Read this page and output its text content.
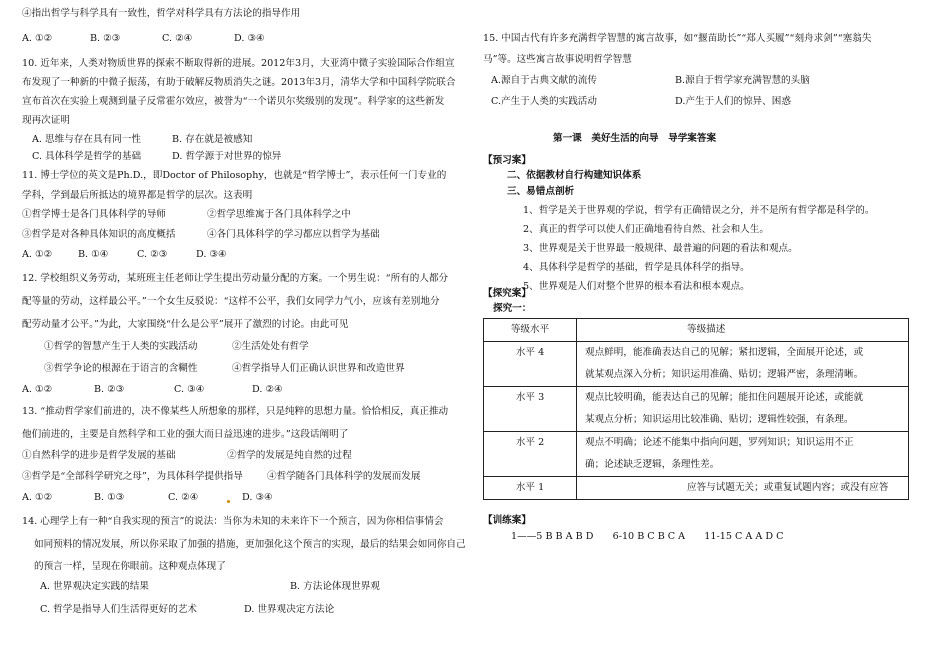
④指出哲学与科学具有一致性，哲学对科学具有方法论的指导作用
A. ①②	B. ②③	C. ②④	D. ③④
10. 近年来，人类对物质世界的探索不断取得新的进展。2012年3月，大亚湾中微子实验国际合作组宣
布发现了一种新的中微子振荡，有助于破解反物质消失之谜。2013年3月，清华大学和中国科学院联合
宣布首次在实验上观测到量子反常霍尔效应，被誉为“一个诺贝尔奖级别的发现”。科学家的这些新发
现再次证明
A. 思维与存在具有同一性	B. 存在就是被感知
C. 具体科学是哲学的基础	D. 哲学源于对世界的惊异
11. 博士学位的英文是Ph.D.，即Doctor of Philosophy，也就是“哲学博士”，表示任何一门专业的
学科，学到最后所抵达的境界都是哲学的层次。这表明
①哲学博士是各门具体科学的导师	②哲学思维寓于各门具体科学之中
③哲学是对各种具体知识的高度概括	④各门具体科学的学习都应以哲学为基础
A. ①②	B. ①④	C. ②③	D. ③④
12. 学校组织义务劳动，某班班主任老师让学生提出劳动量分配的方案。一个男生说：“所有的人都分
配等量的劳动，这样最公平。”一个女生反驳说：“这样不公平，我们女同学力气小，应该有差别地分
配劳动量才公平。”为此，大家围绕“什么是公平”展开了激烈的讨论。由此可见
①哲学的智慧产生于人类的实践活动	②生活处处有哲学
③哲学争论的根源在于语言的含糊性	④哲学指导人们正确认识世界和改造世界
A. ①②	B. ②③	C. ③④	D. ②④
13. “推动哲学家们前进的，决不像某些人所想象的那样，只是纯粹的思想力量。恰恰相反，真正推动
他们前进的，主要是自然科学和工业的强大而日益迅速的进步。”这段话阐明了
①自然科学的进步是哲学发展的基础	②哲学的发展是纯自然的过程
③哲学是“全部科学研究之母”，为具体科学提供指导	④哲学随各门具体科学的发展而发展
A. ①②	B. ①③	C. ②④	D. ③④
14. 心理学上有一种“自我实现的预言”的说法：当你为未知的未来许下一个预言，因为你相信事情会
如同预料的情况发展，所以你采取了加强的措施，更加强化这个预言的实现，最后的结果会如同你自己
的预言一样，呈现在你眼前。这种观点体现了
A. 世界观决定实践的结果	B. 方法论体现世界观
C. 哲学是指导人们生活得更好的艺术	D. 世界观决定方法论
15. 中国古代有许多充满哲学智慧的寓言故事，如“揠苗助长”“郑人买履”“刻舟求剑”“塞翁失
马”等。这些寓言故事说明哲学智慧
A.源自于古典文献的流传	B.源自于哲学家充满智慧的头脑
C.产生于人类的实践活动	D.产生于人们的惊异、困惑
第一课　美好生活的向导　导学案答案
【预习案】
二、依据教材自行构建知识体系
三、易错点剖析
1、哲学是关于世界观的学说，哲学有正确错误之分，并不是所有哲学都是科学的。
2、真正的哲学可以使人们正确地看待自然、社会和人生。
3、世界观是关于世界最一般规律、最普遍的问题的看法和观点。
4、具体科学是哲学的基础，哲学是具体科学的指导。
5、世界观是人们对整个世界的根本看法和根本观点。
【探究案】
探究一：
等级水平	等级描述
水平 4	观点鲜明，能准确表达自己的见解；紧扣逻辑，全面展开论述，或
就某观点深入分析；知识运用准确、贴切；逻辑严密，条理清晰。

水平 3	观点比较明确，能表达自己的见解；能扣住问题展开论述，或能就
某观点分析；知识运用比较准确、贴切；逻辑性较强，有条理。

水平 2	观点不明确；论述不能集中指向问题，罗列知识；知识运用不正
确；论述缺乏逻辑，条理性差。

水平 1	应答与试题无关；或重复试题内容；或没有应答
【训练案】
1——5 B B A B D　　6-10 B C B C A　　11-15 C A A D C
